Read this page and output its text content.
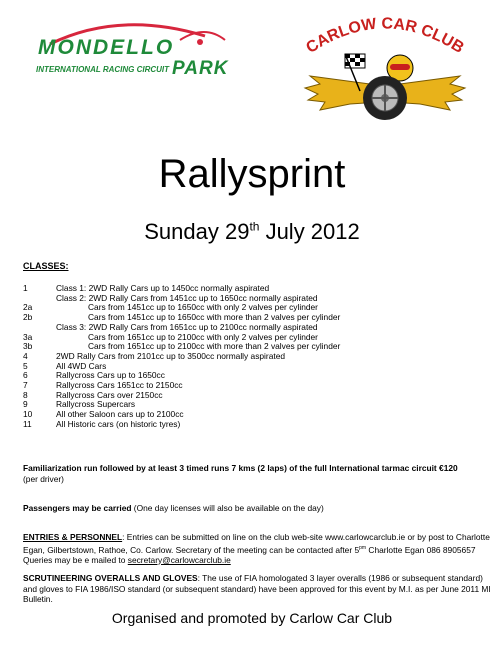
MONDELLO
INTERNATIONAL RACING CIRCUIT PARK
CARLOW CAR CLUB
Rallysprint
Sunday 29th July 2012
CLASSES:
1	Class 1: 2WD Rally Cars up to 1450cc normally aspirated
Class 2: 2WD Rally Cars from 1451cc up to 1650cc normally aspirated
2a	Cars from 1451cc up to 1650cc with only 2 valves per cylinder
2b	Cars from 1451cc up to 1650cc with more than 2 valves per cylinder
Class 3: 2WD Rally Cars from 1651cc up to 2100cc normally aspirated
3a	Cars from 1651cc up to 2100cc with only 2 valves per cylinder
3b	Cars from 1651cc up to 2100cc with more than 2 valves per cylinder
4	2WD Rally Cars from 2101cc up to 3500cc normally aspirated
5	All 4WD Cars
6	Rallycross Cars up to 1650cc
7	Rallycross Cars 1651cc to 2150cc
8	Rallycross Cars over 2150cc
9	Rallycross Supercars
10	All other Saloon cars up to 2100cc
11	All Historic cars (on historic tyres)
Familiarization run followed by at least 3 timed runs 7 kms (2 laps) of the full International tarmac circuit €120
(per driver)
Passengers may be carried (One day licenses will also be available on the day)
ENTRIES & PERSONNEL: Entries can be submitted on line on the club web-site www.carlowcarclub.ie or by post to Charlotte Egan, Gilbertstown, Rathoe, Co. Carlow. Secretary of the meeting can be contacted after $5^{pm}$ Charlotte Egan 086 8905657 Queries may be e mailed to secretary@carlowcarclub.ie
SCRUTINEERING OVERALLS AND GLOVES: The use of FIA homologated 3 layer overalls (1986 or subsequent standard) and gloves to FIA 1986/ISO standard (or subsequent standard) have been approved for this event by M.I. as per June 2011 MI Bulletin.
Organised and promoted by Carlow Car Club
